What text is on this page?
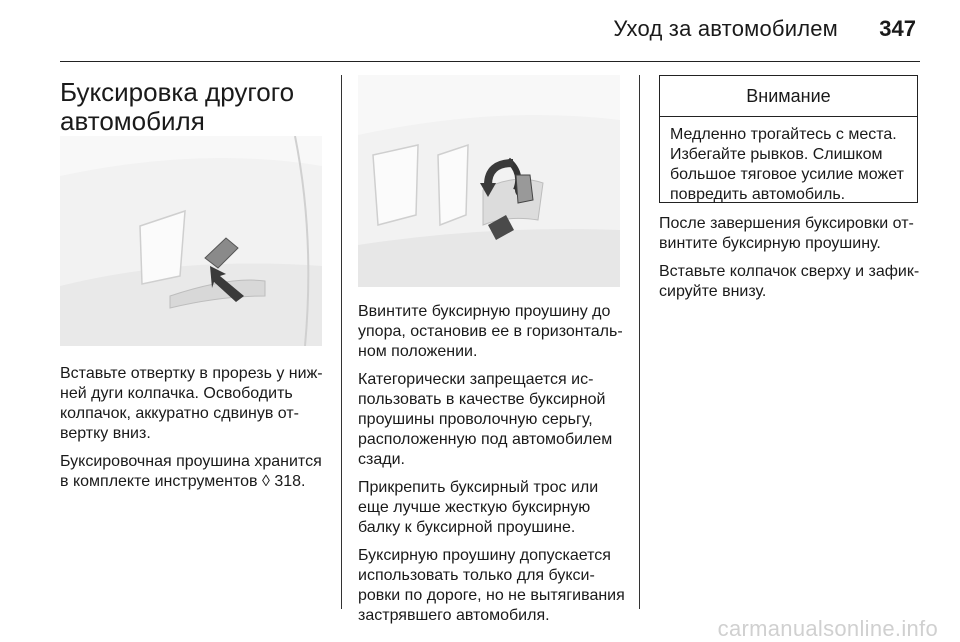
Уход за автомобилем 347
Буксировка другого автомобиля

Вставьте отвертку в прорезь у ниж-ней дуги колпачка. Освободить колпачок, аккуратно сдвинув от-вертку вниз.

Буксировочная проушина хранится в комплекте инструментов ◊ 318.

Ввинтите буксирную проушину до упора, остановив ее в горизонталь-ном положении.

Категорически запрещается ис-пользовать в качестве буксирной проушины проволочную серьгу, расположенную под автомобилем сзади.

Прикрепить буксирный трос или еще лучше жесткую буксирную балку к буксирной проушине.

Буксирную проушину допускается использовать только для букси-ровки по дороге, но не вытягивания застрявшего автомобиля.

Внимание
Медленно трогайтесь с места. Избегайте рывков. Слишком большое тяговое усилие может повредить автомобиль.

После завершения буксировки от-винтите буксирную проушину.

Вставьте колпачок сверху и зафик-сируйте внизу.

carmanualsonline.info
